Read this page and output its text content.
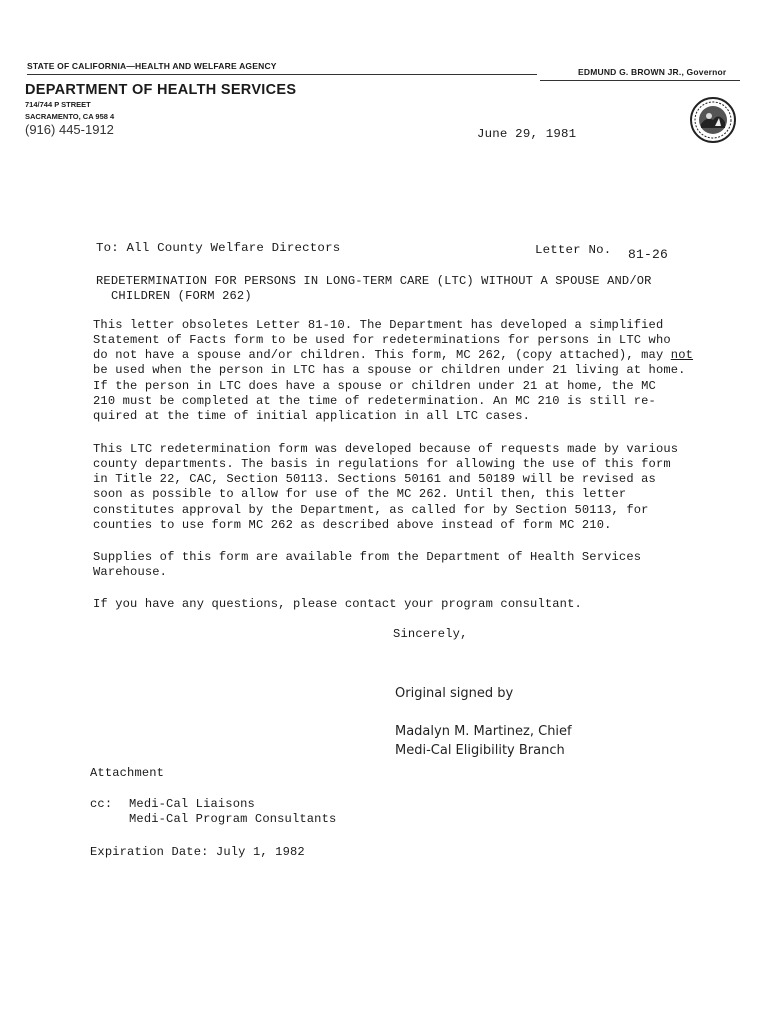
STATE OF CALIFORNIA—HEALTH AND WELFARE AGENCY
EDMUND G. BROWN JR., Governor
DEPARTMENT OF HEALTH SERVICES
714/744 P STREET
SACRAMENTO, CA 958 4
(916) 445-1912	June 29, 1981
To: All County Welfare Directors	Letter No. 81-26
REDETERMINATION FOR PERSONS IN LONG-TERM CARE (LTC) WITHOUT A SPOUSE AND/OR
CHILDREN (FORM 262)
This letter obsoletes Letter 81-10. The Department has developed a simplified
Statement of Facts form to be used for redeterminations for persons in LTC who
do not have a spouse and/or children. This form, MC 262, (copy attached), may not
be used when the person in LTC has a spouse or children under 21 living at home.
If the person in LTC does have a spouse or children under 21 at home, the MC
210 must be completed at the time of redetermination. An MC 210 is still re-
quired at the time of initial application in all LTC cases.
This LTC redetermination form was developed because of requests made by various
county departments. The basis in regulations for allowing the use of this form
in Title 22, CAC, Section 50113. Sections 50161 and 50189 will be revised as
soon as possible to allow for use of the MC 262. Until then, this letter
constitutes approval by the Department, as called for by Section 50113, for
counties to use form MC 262 as described above instead of form MC 210.
Supplies of this form are available from the Department of Health Services
Warehouse.
If you have any questions, please contact your program consultant.
Sincerely,
Original signed by
Madalyn M. Martinez, Chief
Medi-Cal Eligibility Branch
Attachment
cc: Medi-Cal Liaisons
Medi-Cal Program Consultants
Expiration Date: July 1, 1982
